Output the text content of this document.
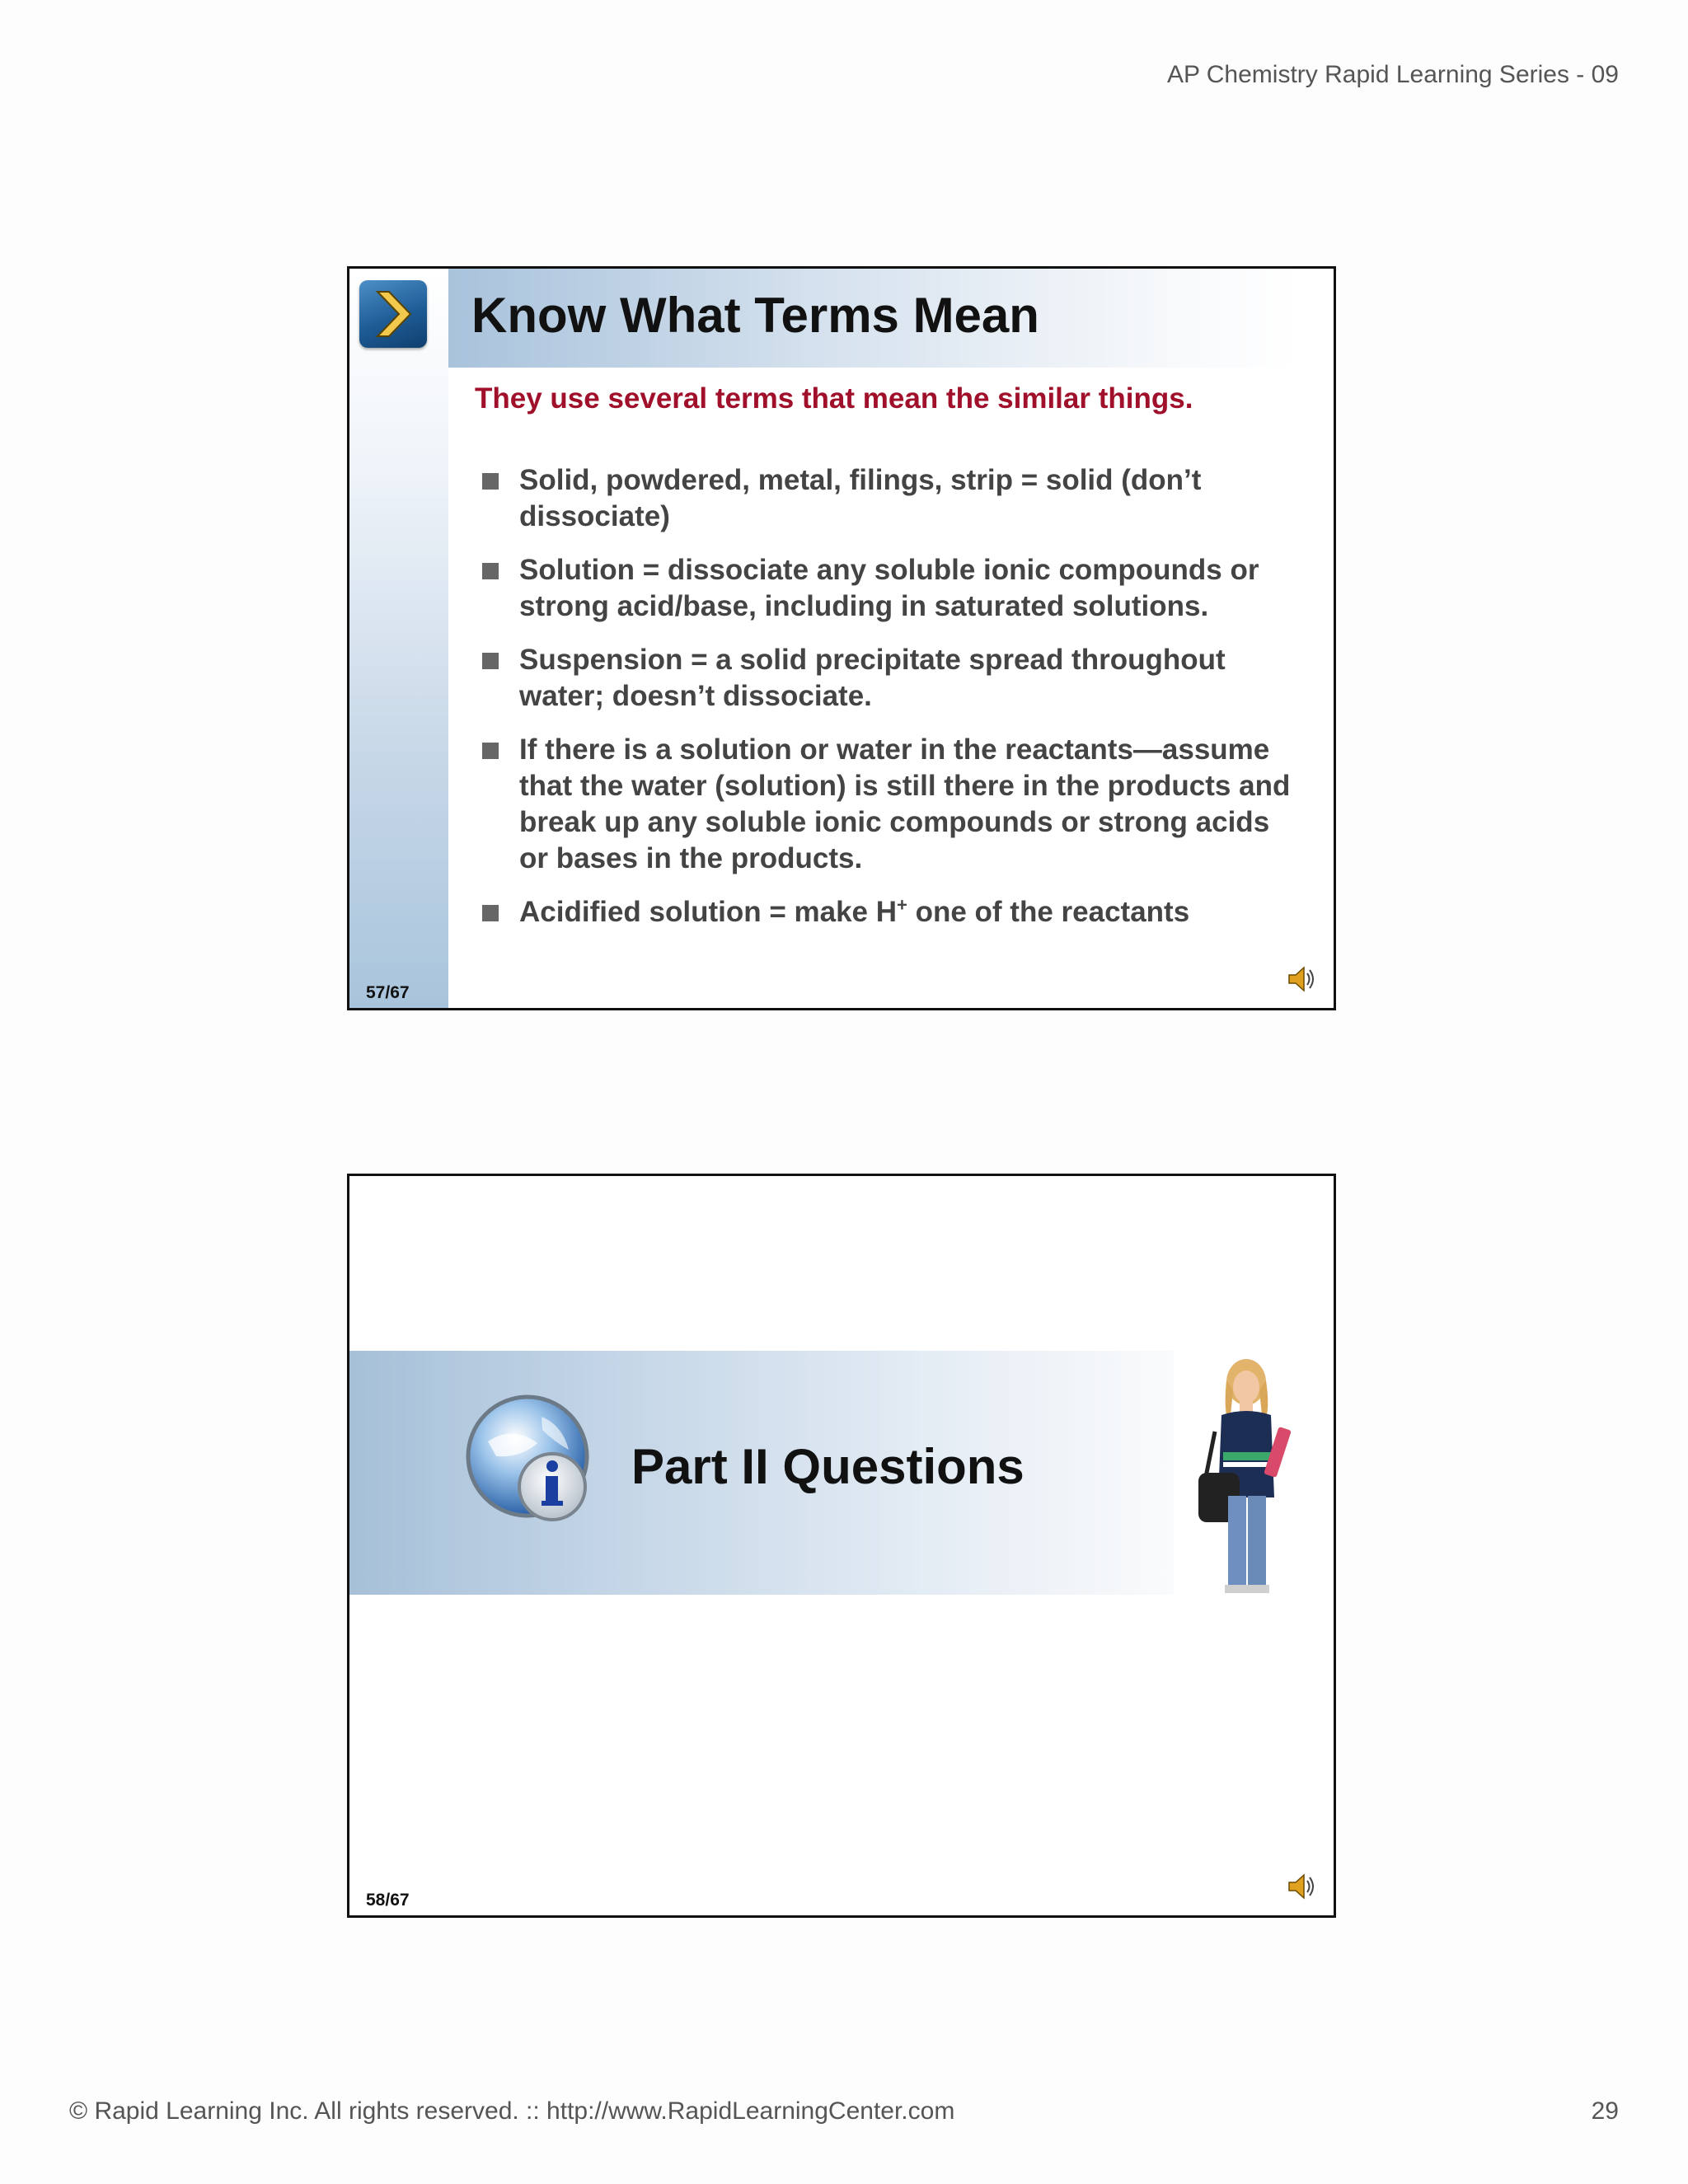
AP Chemistry Rapid Learning Series - 09
Know What Terms Mean
They use several terms that mean the similar things.
Solid, powdered, metal, filings, strip = solid (don’t dissociate)
Solution = dissociate any soluble ionic compounds or strong acid/base, including in saturated solutions.
Suspension = a solid precipitate spread throughout water; doesn’t dissociate.
If there is a solution or water in the reactants—assume that the water (solution) is still there in the products and break up any soluble ionic compounds or strong acids or bases in the products.
Acidified solution = make H+ one of the reactants
57/67
Part II Questions
58/67
© Rapid Learning Inc. All rights reserved. :: http://www.RapidLearningCenter.com	29
